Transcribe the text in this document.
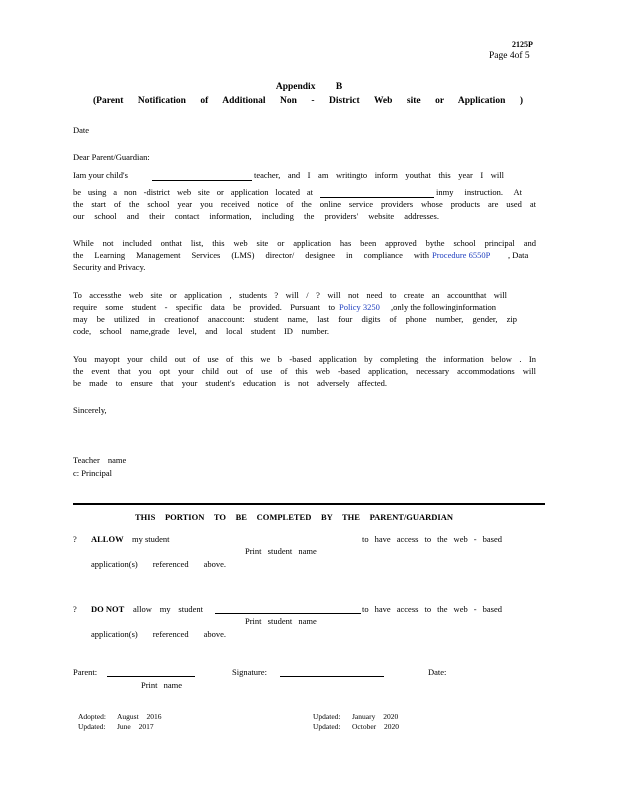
2125P
Page 4of 5
Appendix B
(Parent Notification of Additional Non - District Web site or Application )
Date
Dear Parent/Guardian:
Iam your child's	teacher, and I am writingto inform youthat this year I will
be using a non -district web site or application located at	inmy instruction. At
the start of the school year you received notice of the online service providers whose products are used at
our school and their contact information, including the providers' website addresses.
While not included onthat list, this web site or application has been approved bythe school principal and
the Learning Management Services (LMS) director/ designee in compliance with Procedure 6550P , Data
Security and Privacy.
To accessthe web site or application , students ? will / ? will not need to create an accountthat will
require some student - specific data be provided. Pursuant to Policy 3250 ,only the followinginformation
may be utilized in creationof anaccount: student name, last four digits of phone number, gender, zip
code, school name,grade level, and local student ID number.
You mayopt your child out of use of this we b -based application by completing the information below . In
the event that you opt your child out of use of this web -based application, necessary accommodations will
be made to ensure that your student's education is not adversely affected.
Sincerely,
Teacher name
c: Principal
THIS PORTION TO BE COMPLETED BY THE PARENT/GUARDIAN
? ALLOW my student	to have access to the web - based
Print student name
application(s) referenced above.
? DO NOT allow my student	to have access to the web - based
Print student name
application(s) referenced above.
Parent:
Print name
Signature:	Date:
Adopted: August 2016
Updated: June 2017
Updated: January 2020
Updated: October 2020
